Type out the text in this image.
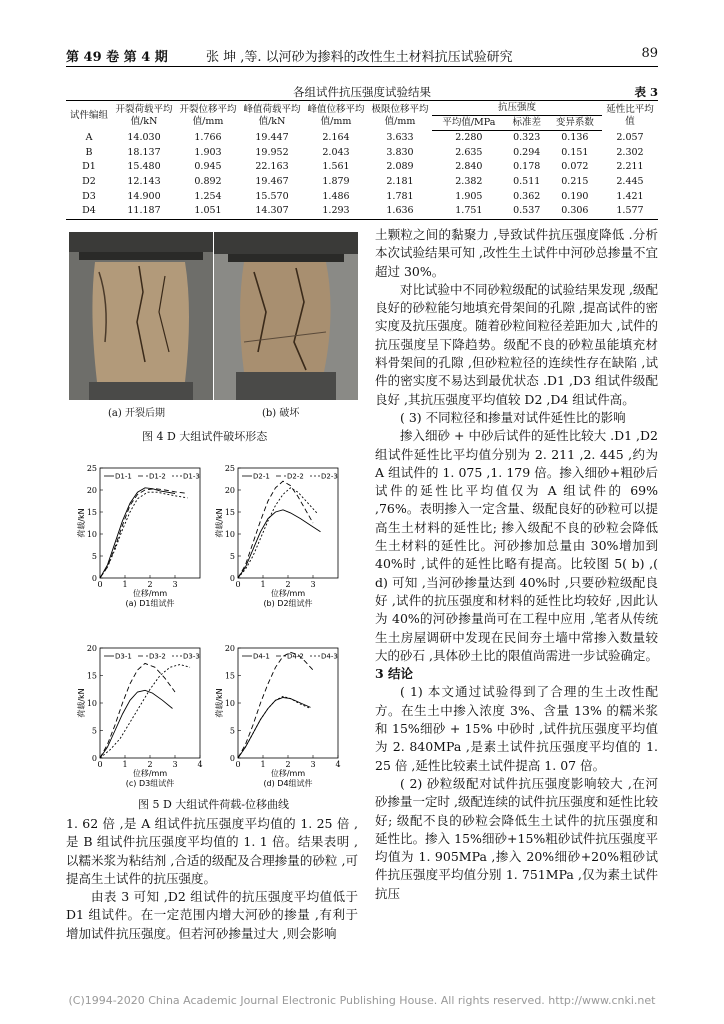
第 49 卷 第 4 期	张 坤 ,等. 以河砂为掺料的改性生土材料抗压试验研究	89
各组试件抗压强度试验结果	表 3
试件编组	开裂荷载平均值/kN	开裂位移平均值/mm	峰值荷载平均值/kN	峰值位移平均值/mm	极限位移平均值/mm	抗压强度			延性比平均值
						平均值/MPa	标准差	变异系数	
A	14.030	1.766	19.447	2.164	3.633	2.280	0.323	0.136	2.057
B	18.137	1.903	19.952	2.043	3.830	2.635	0.294	0.151	2.302
D1	15.480	0.945	22.163	1.561	2.089	2.840	0.178	0.072	2.211
D2	12.143	0.892	19.467	1.879	2.181	2.382	0.511	0.215	2.445
D3	14.900	1.254	15.570	1.486	1.781	1.905	0.362	0.190	1.421
D4	11.187	1.051	14.307	1.293	1.636	1.751	0.537	0.306	1.577
(a) 开裂后期	(b) 破坏
图 4 D 大组试件破坏形态
0
5
10
15
20
25
0 1 2 3
荷载/kN
位移/mm
(a) D1组试件
D1-1 D1-2 D1-3
0
5
10
15
20
25
0 1 2 3
荷载/kN
位移/mm
(b) D2组试件
D2-1 D2-2 D2-3
0
5
10
15
20
0 1 2 3 4
荷载/kN
位移/mm
(c) D3组试件
D3-1 D3-2 D3-3
0
5
10
15
20
0 1 2 3 4
荷载/kN
位移/mm
(d) D4组试件
D4-1 D4-2 D4-3
图 5 D 大组试件荷载-位移曲线

1. 62 倍 ,是 A 组试件抗压强度平均值的 1. 25 倍 ,是 B 组试件抗压强度平均值的 1. 1 倍。结果表明 ,以糯米浆为粘结剂 ,合适的级配及合理掺量的砂粒 ,可提高生土试件的抗压强度。

由表 3 可知 ,D2 组试件的抗压强度平均值低于 D1 组试件。在一定范围内增大河砂的掺量 ,有利于增加试件抗压强度。但若河砂掺量过大 ,则会影响

土颗粒之间的黏聚力 ,导致试件抗压强度降低 .分析本次试验结果可知 ,改性生土试件中河砂总掺量不宜超过 30%。

对比试验中不同砂粒级配的试验结果发现 ,级配良好的砂粒能匀地填充骨架间的孔隙 ,提高试件的密实度及抗压强度。随着砂粒间粒径差距加大 ,试件的抗压强度呈下降趋势。级配不良的砂粒虽能填充材料骨架间的孔隙 ,但砂粒粒径的连续性存在缺陷 ,试件的密实度不易达到最优状态 .D1 ,D3 组试件级配良好 ,其抗压强度平均值较 D2 ,D4 组试件高。

( 3) 不同粒径和掺量对试件延性比的影响

掺入细砂 + 中砂后试件的延性比较大 .D1 ,D2 组试件延性比平均值分别为 2. 211 ,2. 445 ,约为 A 组试件的 1. 075 ,1. 179 倍。掺入细砂+粗砂后试件的延性比平均值仅为 A 组试件的 69% ,76%。表明掺入一定含量、级配良好的砂粒可以提高生土材料的延性比; 掺入级配不良的砂粒会降低生土材料的延性比。河砂掺加总量由 30%增加到 40%时 ,试件的延性比略有提高。比较图 5( b) ,( d) 可知 ,当河砂掺量达到 40%时 ,只要砂粒级配良好 ,试件的抗压强度和材料的延性比均较好 ,因此认为 40%的河砂掺量尚可在工程中应用 ,笔者从传统生土房屋调研中发现在民间夯土墙中常掺入数量较大的砂石 ,具体砂土比的限值尚需进一步试验确定。

3 结论

( 1) 本文通过试验得到了合理的生土改性配方。在生土中掺入浓度 3%、含量 13% 的糯米浆和 15%细砂 + 15% 中砂时 ,试件抗压强度平均值为 2. 840MPa ,是素土试件抗压强度平均值的 1. 25 倍 ,延性比较素土试件提高 1. 07 倍。

( 2) 砂粒级配对试件抗压强度影响较大 ,在河砂掺量一定时 ,级配连续的试件抗压强度和延性比较好; 级配不良的砂粒会降低生土试件的抗压强度和延性比。掺入 15%细砂+15%粗砂试件抗压强度平均值为 1. 905MPa ,掺入 20%细砂+20%粗砂试件抗压强度平均值分别 1. 751MPa ,仅为素土试件抗压

(C)1994-2020 China Academic Journal Electronic Publishing House. All rights reserved. http://www.cnki.net
